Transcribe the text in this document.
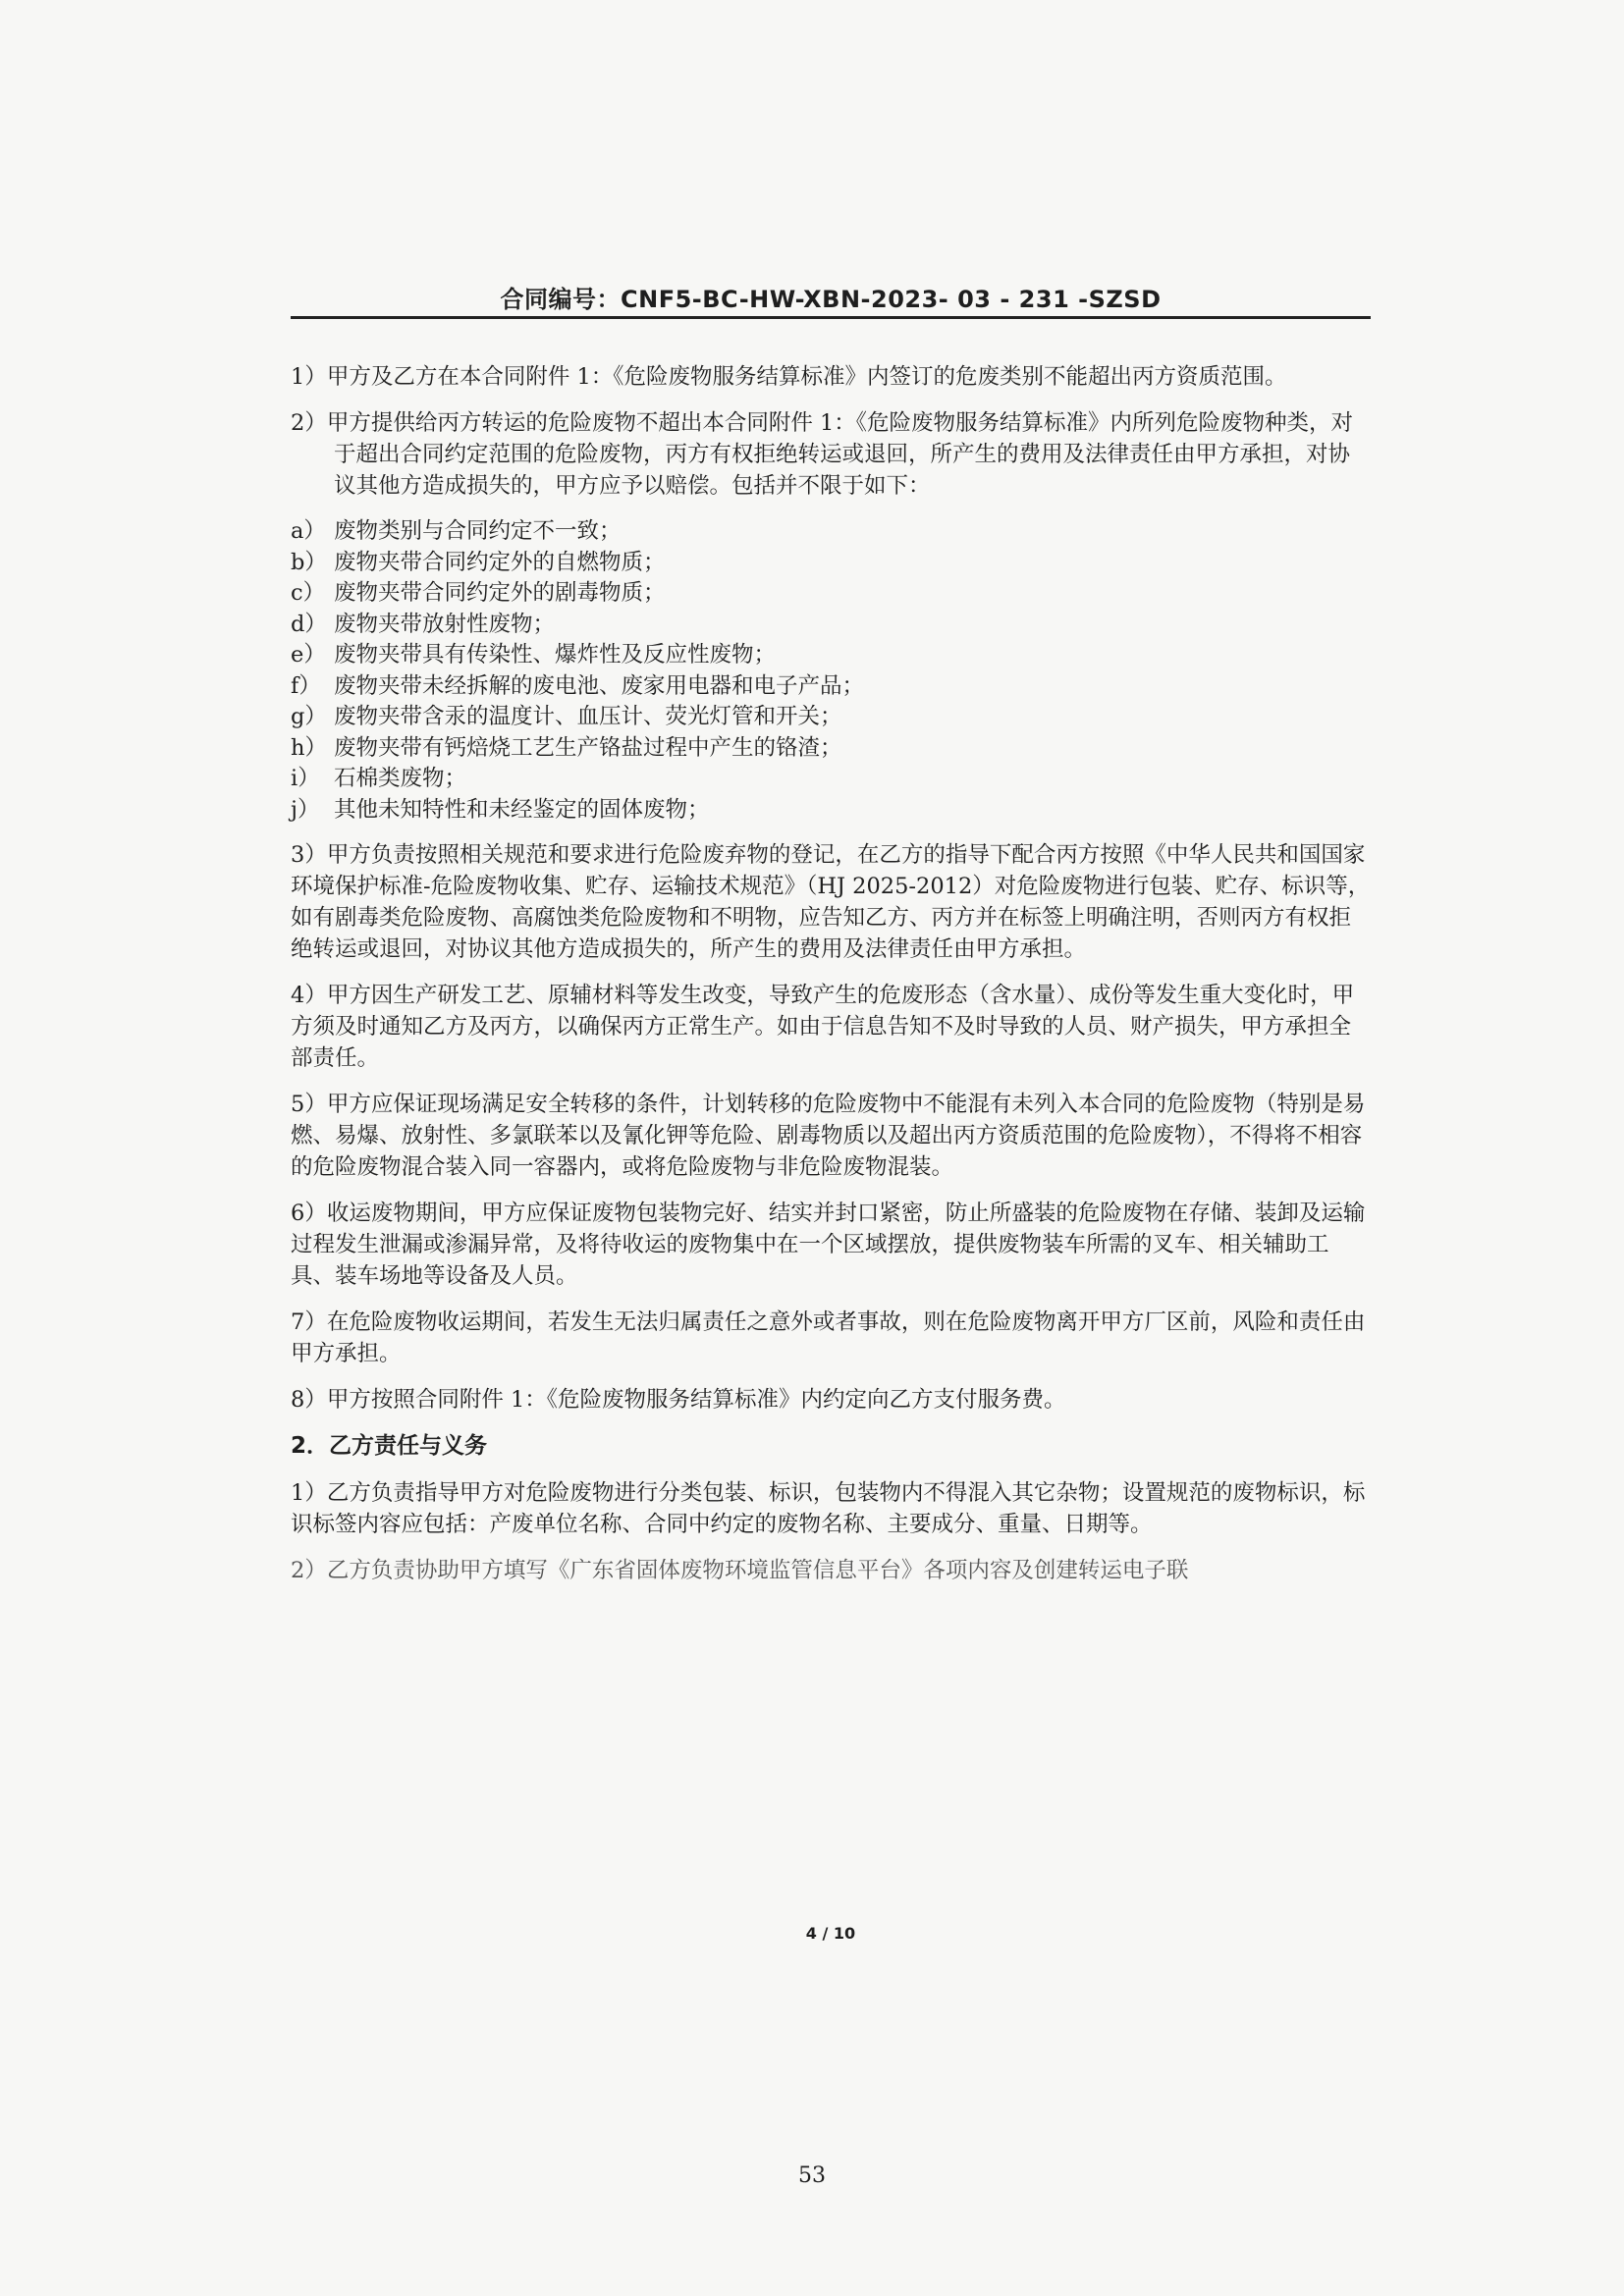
合同编号：CNF5-BC-HW-XBN-2023- 03 - 231 -SZSD

1）甲方及乙方在本合同附件 1：《危险废物服务结算标准》内签订的危废类别不能超出丙方资质范围。

2）甲方提供给丙方转运的危险废物不超出本合同附件 1：《危险废物服务结算标准》内所列危险废物种类，对于超出合同约定范围的危险废物，丙方有权拒绝转运或退回，所产生的费用及法律责任由甲方承担，对协议其他方造成损失的，甲方应予以赔偿。包括并不限于如下：

a） 废物类别与合同约定不一致；
b） 废物夹带合同约定外的自燃物质；
c） 废物夹带合同约定外的剧毒物质；
d） 废物夹带放射性废物；
e） 废物夹带具有传染性、爆炸性及反应性废物；
f） 废物夹带未经拆解的废电池、废家用电器和电子产品；
g） 废物夹带含汞的温度计、血压计、荧光灯管和开关；
h） 废物夹带有钙焙烧工艺生产铬盐过程中产生的铬渣；
i） 石棉类废物；
j） 其他未知特性和未经鉴定的固体废物；

3）甲方负责按照相关规范和要求进行危险废弃物的登记，在乙方的指导下配合丙方按照《中华人民共和国国家环境保护标准-危险废物收集、贮存、运输技术规范》（HJ 2025-2012）对危险废物进行包装、贮存、标识等，如有剧毒类危险废物、高腐蚀类危险废物和不明物，应告知乙方、丙方并在标签上明确注明，否则丙方有权拒绝转运或退回，对协议其他方造成损失的，所产生的费用及法律责任由甲方承担。

4）甲方因生产研发工艺、原辅材料等发生改变，导致产生的危废形态（含水量）、成份等发生重大变化时，甲方须及时通知乙方及丙方，以确保丙方正常生产。如由于信息告知不及时导致的人员、财产损失，甲方承担全部责任。

5）甲方应保证现场满足安全转移的条件，计划转移的危险废物中不能混有未列入本合同的危险废物（特别是易燃、易爆、放射性、多氯联苯以及氰化钾等危险、剧毒物质以及超出丙方资质范围的危险废物），不得将不相容的危险废物混合装入同一容器内，或将危险废物与非危险废物混装。

6）收运废物期间，甲方应保证废物包装物完好、结实并封口紧密，防止所盛装的危险废物在存储、装卸及运输过程发生泄漏或渗漏异常，及将待收运的废物集中在一个区域摆放，提供废物装车所需的叉车、相关辅助工具、装车场地等设备及人员。

7）在危险废物收运期间，若发生无法归属责任之意外或者事故，则在危险废物离开甲方厂区前，风险和责任由甲方承担。

8）甲方按照合同附件 1：《危险废物服务结算标准》内约定向乙方支付服务费。

2．乙方责任与义务

1）乙方负责指导甲方对危险废物进行分类包装、标识，包装物内不得混入其它杂物；设置规范的废物标识，标识标签内容应包括：产废单位名称、合同中约定的废物名称、主要成分、重量、日期等。

2）乙方负责协助甲方填写《广东省固体废物环境监管信息平台》各项内容及创建转运电子联

4 / 10
53
